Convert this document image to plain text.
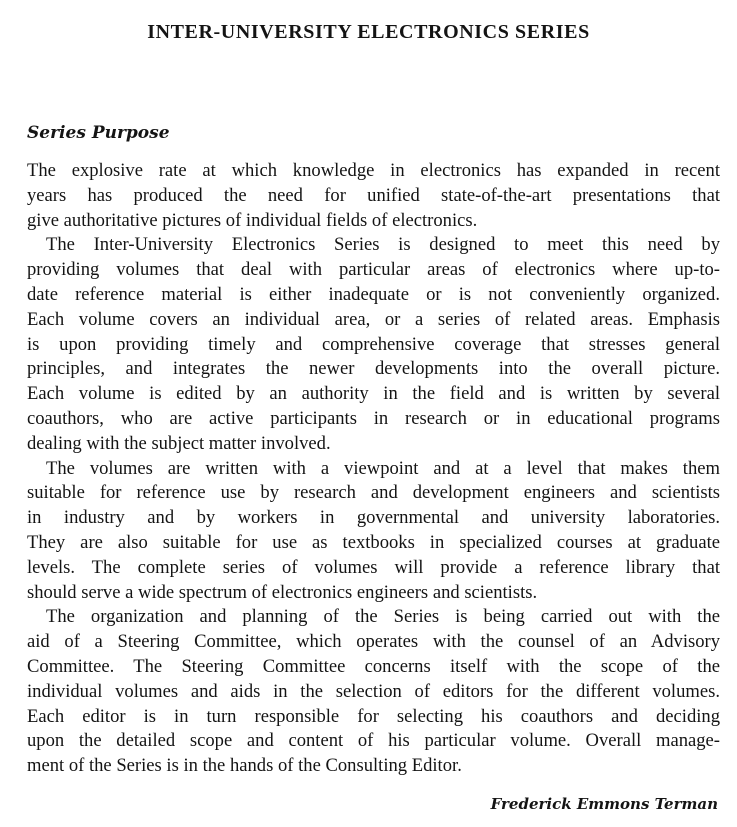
INTER-UNIVERSITY ELECTRONICS SERIES
Series Purpose

The explosive rate at which knowledge in electronics has expanded in recent
years has produced the need for unified state-of-the-art presentations that
give authoritative pictures of individual fields of electronics.

The Inter-University Electronics Series is designed to meet this need by
providing volumes that deal with particular areas of electronics where up-to-
date reference material is either inadequate or is not conveniently organized.
Each volume covers an individual area, or a series of related areas. Emphasis
is upon providing timely and comprehensive coverage that stresses general
principles, and integrates the newer developments into the overall picture.
Each volume is edited by an authority in the field and is written by several
coauthors, who are active participants in research or in educational programs
dealing with the subject matter involved.

The volumes are written with a viewpoint and at a level that makes them
suitable for reference use by research and development engineers and scientists
in industry and by workers in governmental and university laboratories.
They are also suitable for use as textbooks in specialized courses at graduate
levels. The complete series of volumes will provide a reference library that
should serve a wide spectrum of electronics engineers and scientists.

The organization and planning of the Series is being carried out with the
aid of a Steering Committee, which operates with the counsel of an Advisory
Committee. The Steering Committee concerns itself with the scope of the
individual volumes and aids in the selection of editors for the different volumes.
Each editor is in turn responsible for selecting his coauthors and deciding
upon the detailed scope and content of his particular volume. Overall manage-
ment of the Series is in the hands of the Consulting Editor.

Frederick Emmons Terman
